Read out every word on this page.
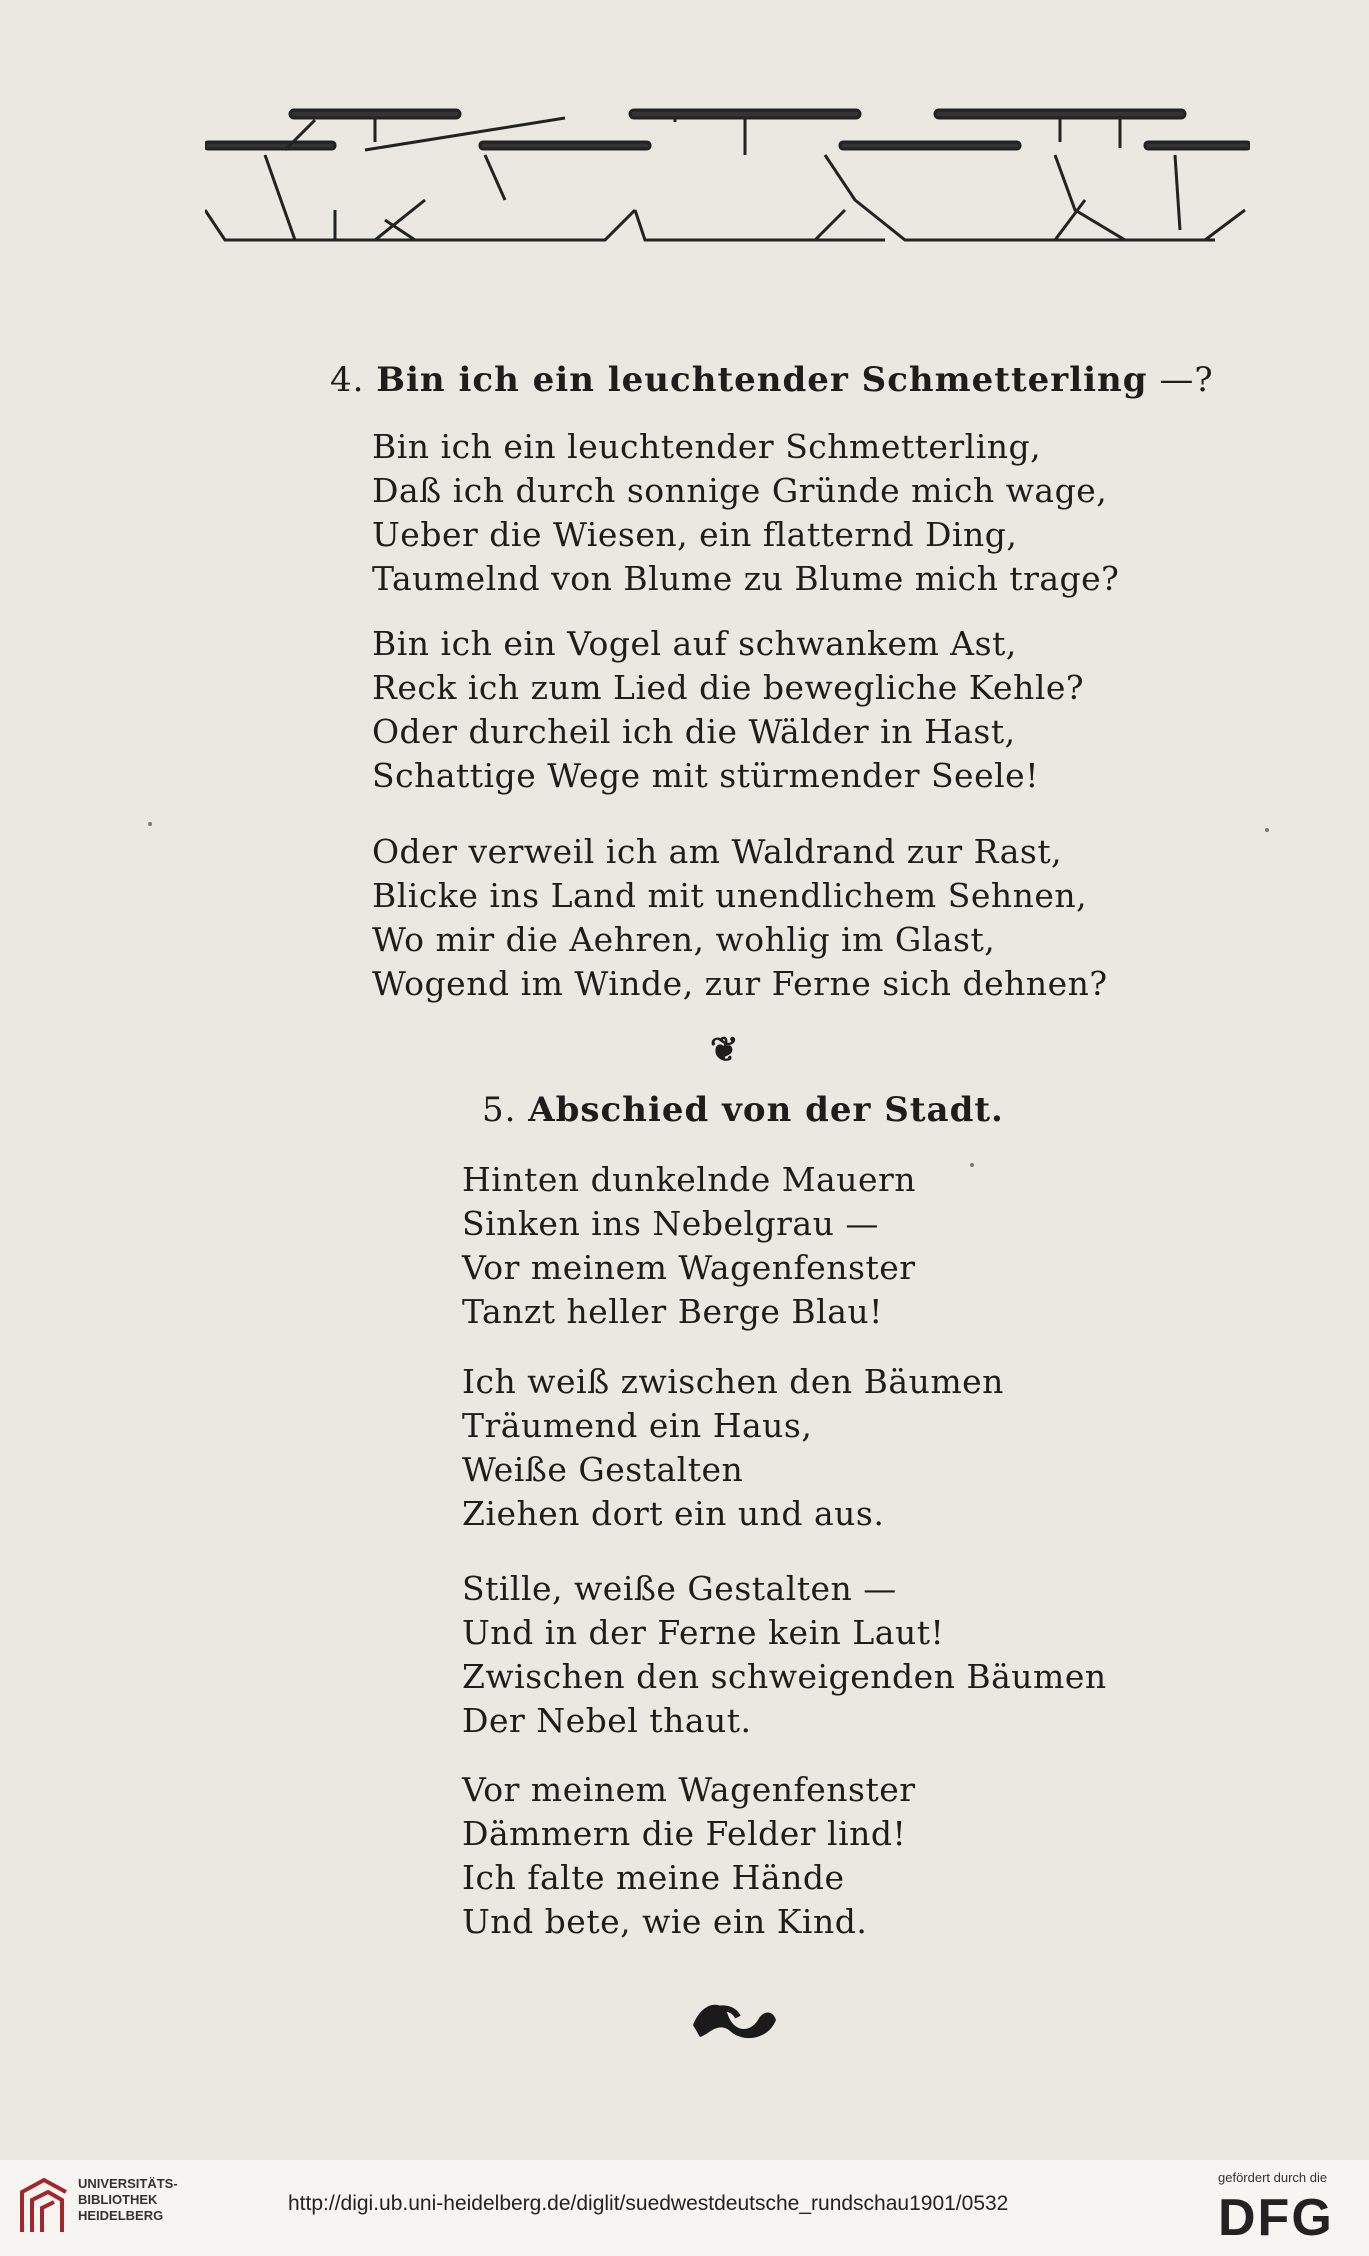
4. Bin ich ein leuchtender Schmetterling —?
Bin ich ein leuchtender Schmetterling,
Daß ich durch sonnige Gründe mich wage,
Ueber die Wiesen, ein flatternd Ding,
Taumelnd von Blume zu Blume mich trage?
Bin ich ein Vogel auf schwankem Ast,
Reck ich zum Lied die bewegliche Kehle?
Oder durcheil ich die Wälder in Hast,
Schattige Wege mit stürmender Seele!
Oder verweil ich am Waldrand zur Rast,
Blicke ins Land mit unendlichem Sehnen,
Wo mir die Aehren, wohlig im Glast,
Wogend im Winde, zur Ferne sich dehnen?
❦
5. Abschied von der Stadt.
Hinten dunkelnde Mauern
Sinken ins Nebelgrau —
Vor meinem Wagenfenster
Tanzt heller Berge Blau!
Ich weiß zwischen den Bäumen
Träumend ein Haus,
Weiße Gestalten
Ziehen dort ein und aus.
Stille, weiße Gestalten —
Und in der Ferne kein Laut!
Zwischen den schweigenden Bäumen
Der Nebel thaut.
Vor meinem Wagenfenster
Dämmern die Felder lind!
Ich falte meine Hände
Und bete, wie ein Kind.
UNIVERSITÄTS-
BIBLIOTHEK
HEIDELBERG
http://digi.ub.uni-heidelberg.de/diglit/suedwestdeutsche_rundschau1901/0532
gefördert durch die
DFG
